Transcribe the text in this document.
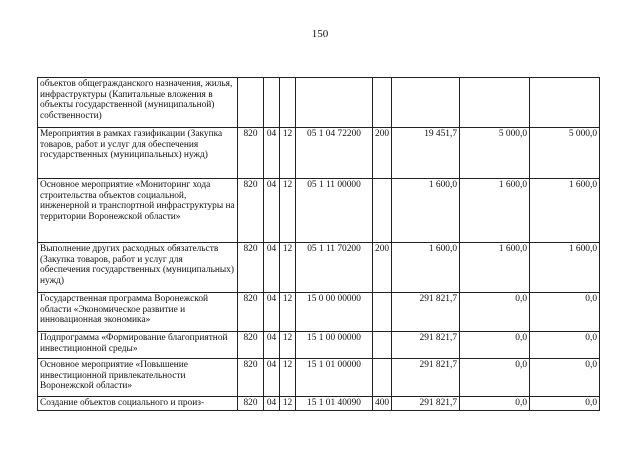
150
объектов общегражданского назначения, жилья, инфраструктуры (Капитальные вложения в объекты государственной (муниципальной) собственности)								
Мероприятия в рамках газификации (Закупка товаров, работ и услуг для обеспечения государственных (муниципальных) нужд)	820	04	12	05 1 04 72200	200	19 451,7	5 000,0	5 000,0
Основное мероприятие «Мониторинг хода строительства объектов социальной, инженерной и транспортной инфраструктуры на территории Воронежской области»	820	04	12	05 1 11 00000		1 600,0	1 600,0	1 600,0
Выполнение других расходных обязательств (Закупка товаров, работ и услуг для обеспечения государственных (муниципальных) нужд)	820	04	12	05 1 11 70200	200	1 600,0	1 600,0	1 600,0
Государственная программа Воронежской области «Экономическое развитие и инновационная экономика»	820	04	12	15 0 00 00000		291 821,7	0,0	0,0
Подпрограмма «Формирование благоприятной инвестиционной среды»	820	04	12	15 1 00 00000		291 821,7	0,0	0,0
Основное мероприятие «Повышение инвестиционной привлекательности Воронежской области»	820	04	12	15 1 01 00000		291 821,7	0,0	0,0
Создание объектов социального и произ-	820	04	12	15 1 01 40090	400	291 821,7	0,0	0,0
